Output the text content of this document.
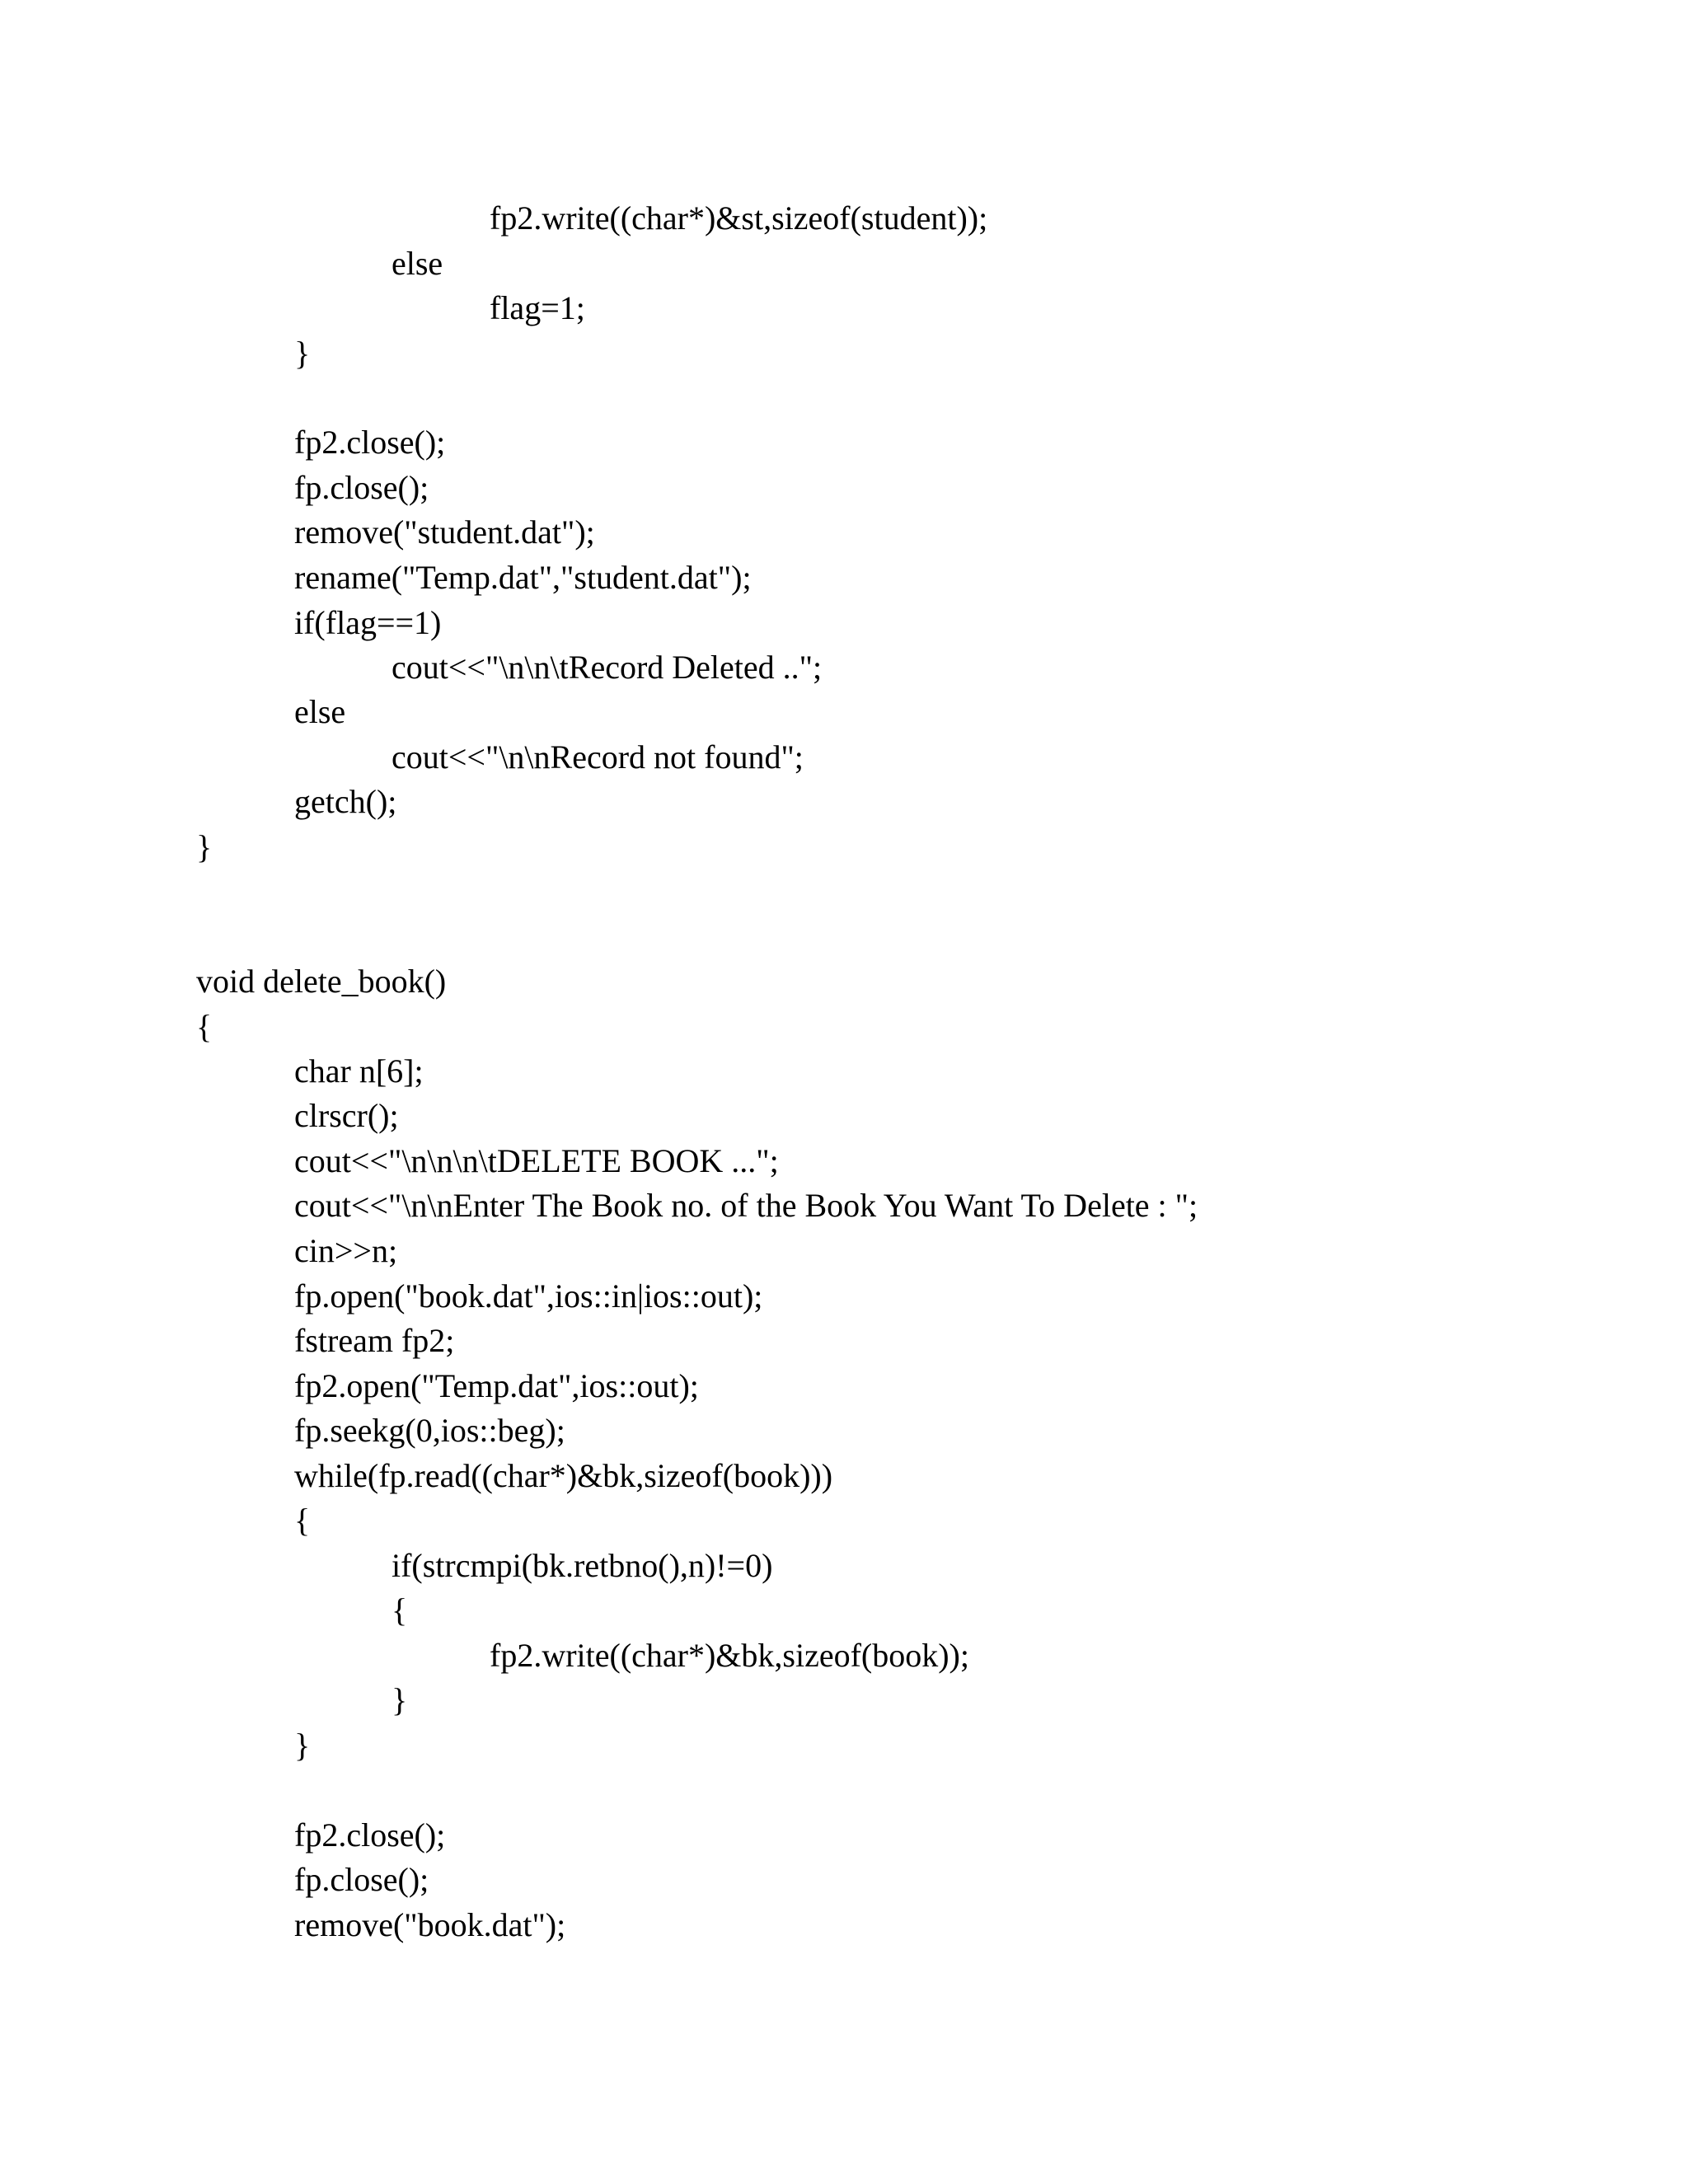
fp2.write((char*)&st,sizeof(student));
else
flag=1;
}
fp2.close();
fp.close();
remove("student.dat");
rename("Temp.dat","student.dat");
if(flag==1)
cout<<"\n\n\tRecord Deleted ..";
else
cout<<"\n\nRecord not found";
getch();
}
void delete_book()
{
char n[6];
clrscr();
cout<<"\n\n\n\tDELETE BOOK ...";
cout<<"\n\nEnter The Book no. of the Book You Want To Delete : ";
cin>>n;
fp.open("book.dat",ios::in|ios::out);
fstream fp2;
fp2.open("Temp.dat",ios::out);
fp.seekg(0,ios::beg);
while(fp.read((char*)&bk,sizeof(book)))
{
if(strcmpi(bk.retbno(),n)!=0)
{
fp2.write((char*)&bk,sizeof(book));
}
}
fp2.close();
fp.close();
remove("book.dat");
